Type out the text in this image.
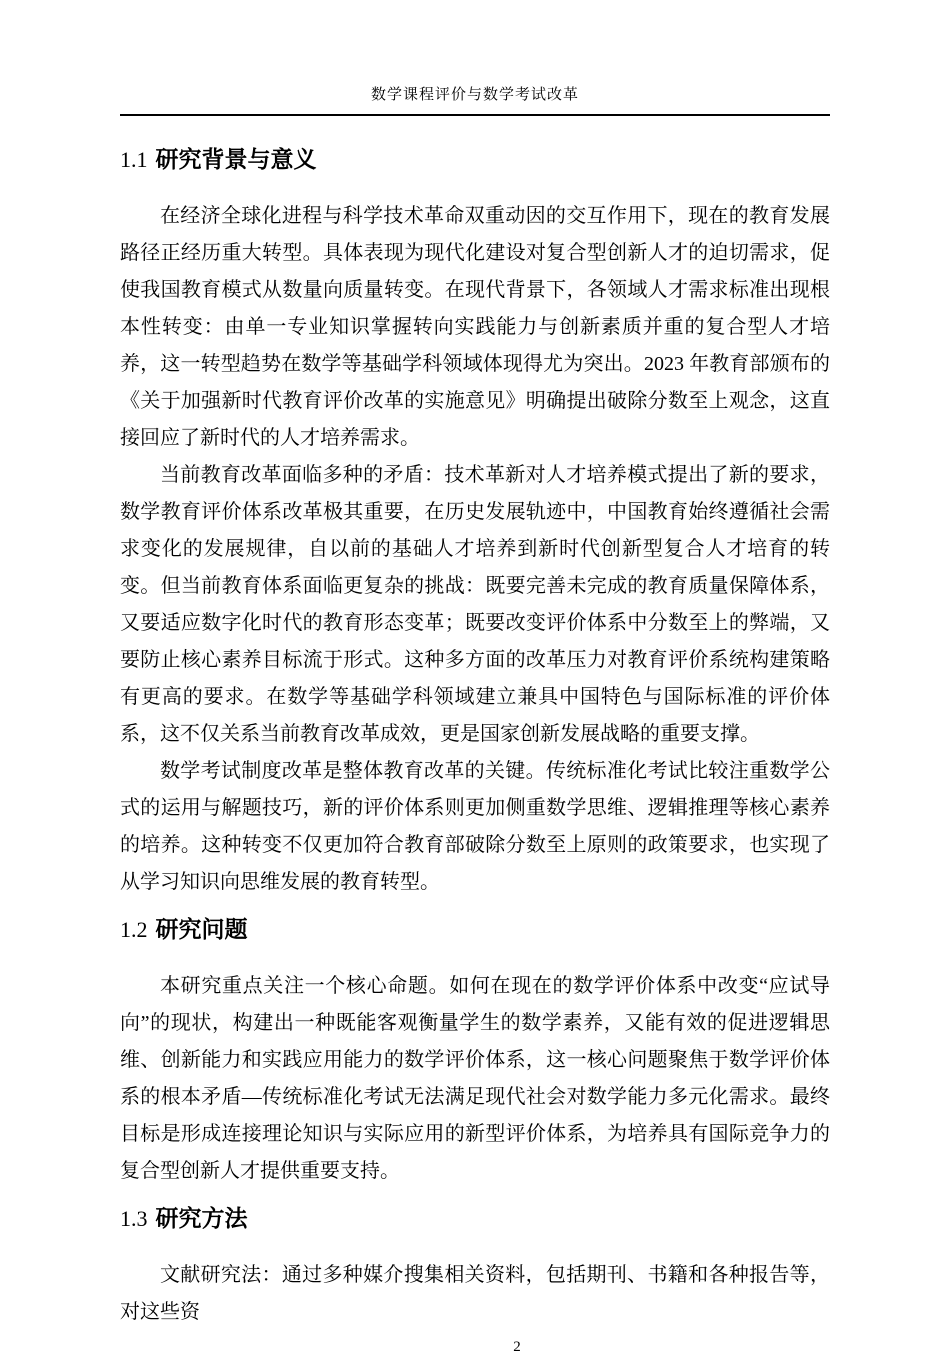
数学课程评价与数学考试改革
1.1 研究背景与意义

在经济全球化进程与科学技术革命双重动因的交互作用下，现在的教育发展路径正经历重大转型。具体表现为现代化建设对复合型创新人才的迫切需求，促使我国教育模式从数量向质量转变。在现代背景下，各领域人才需求标准出现根本性转变：由单一专业知识掌握转向实践能力与创新素质并重的复合型人才培养，这一转型趋势在数学等基础学科领域体现得尤为突出。2023 年教育部颁布的《关于加强新时代教育评价改革的实施意见》明确提出破除分数至上观念，这直接回应了新时代的人才培养需求。

当前教育改革面临多种的矛盾：技术革新对人才培养模式提出了新的要求，数学教育评价体系改革极其重要，在历史发展轨迹中，中国教育始终遵循社会需求变化的发展规律，自以前的基础人才培养到新时代创新型复合人才培育的转变。但当前教育体系面临更复杂的挑战：既要完善未完成的教育质量保障体系，又要适应数字化时代的教育形态变革；既要改变评价体系中分数至上的弊端，又要防止核心素养目标流于形式。这种多方面的改革压力对教育评价系统构建策略有更高的要求。在数学等基础学科领域建立兼具中国特色与国际标准的评价体系，这不仅关系当前教育改革成效，更是国家创新发展战略的重要支撑。

数学考试制度改革是整体教育改革的关键。传统标准化考试比较注重数学公式的运用与解题技巧，新的评价体系则更加侧重数学思维、逻辑推理等核心素养的培养。这种转变不仅更加符合教育部破除分数至上原则的政策要求，也实现了从学习知识向思维发展的教育转型。

1.2 研究问题

本研究重点关注一个核心命题。如何在现在的数学评价体系中改变“应试导向”的现状，构建出一种既能客观衡量学生的数学素养，又能有效的促进逻辑思维、创新能力和实践应用能力的数学评价体系，这一核心问题聚焦于数学评价体系的根本矛盾—传统标准化考试无法满足现代社会对数学能力多元化需求。最终目标是形成连接理论知识与实际应用的新型评价体系，为培养具有国际竞争力的复合型创新人才提供重要支持。

1.3 研究方法

文献研究法：通过多种媒介搜集相关资料，包括期刊、书籍和各种报告等，对这些资

2
